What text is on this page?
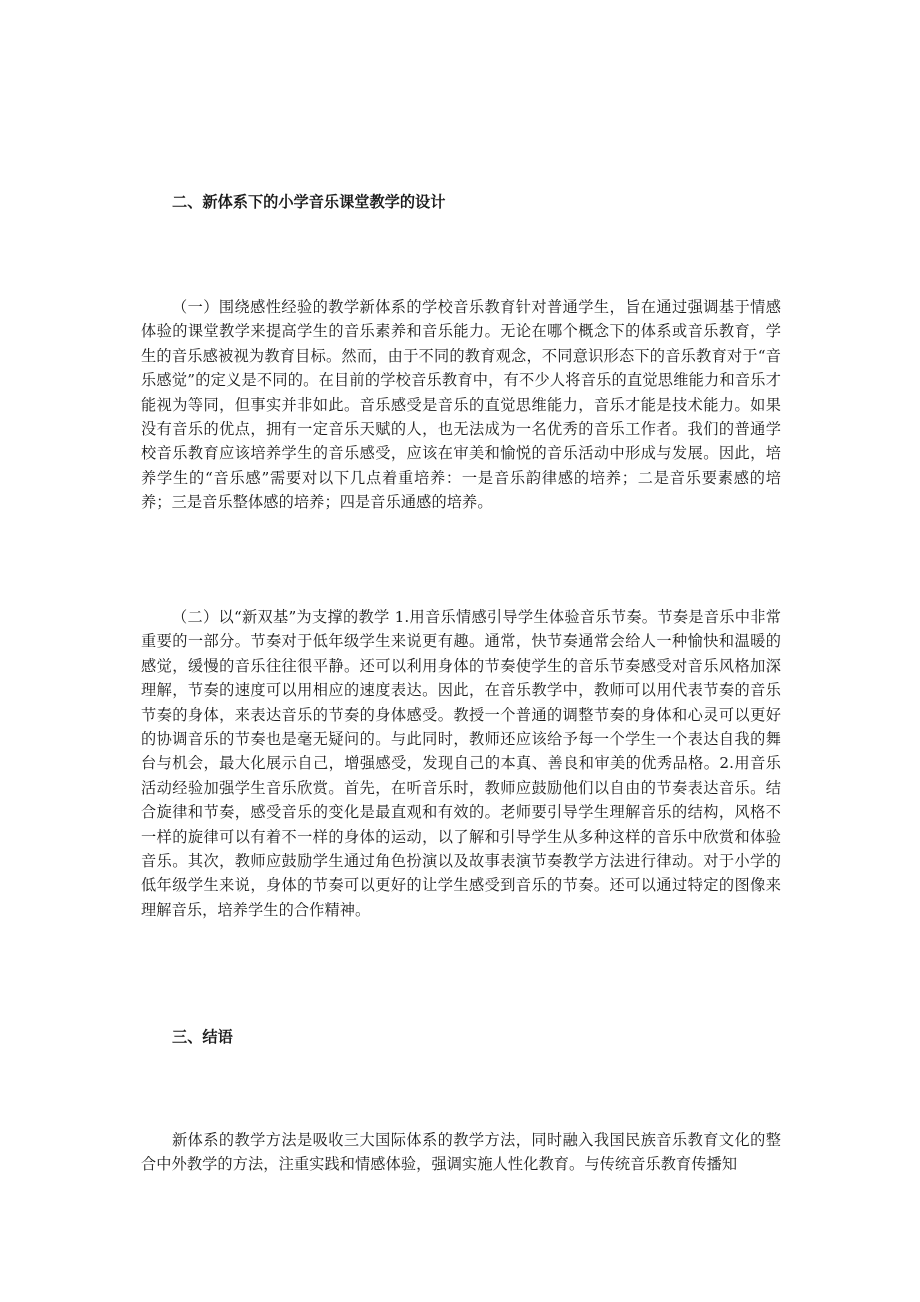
二、新体系下的小学音乐课堂教学的设计

（一）围绕感性经验的教学新体系的学校音乐教育针对普通学生，旨在通过强调基于情感体验的课堂教学来提高学生的音乐素养和音乐能力。无论在哪个概念下的体系或音乐教育，学生的音乐感被视为教育目标。然而，由于不同的教育观念，不同意识形态下的音乐教育对于“音乐感觉”的定义是不同的。在目前的学校音乐教育中，有不少人将音乐的直觉思维能力和音乐才能视为等同，但事实并非如此。音乐感受是音乐的直觉思维能力，音乐才能是技术能力。如果没有音乐的优点，拥有一定音乐天赋的人，也无法成为一名优秀的音乐工作者。我们的普通学校音乐教育应该培养学生的音乐感受，应该在审美和愉悦的音乐活动中形成与发展。因此，培养学生的“音乐感”需要对以下几点着重培养：一是音乐韵律感的培养；二是音乐要素感的培养；三是音乐整体感的培养；四是音乐通感的培养。

（二）以“新双基”为支撑的教学 1.用音乐情感引导学生体验音乐节奏。节奏是音乐中非常重要的一部分。节奏对于低年级学生来说更有趣。通常，快节奏通常会给人一种愉快和温暖的感觉，缓慢的音乐往往很平静。还可以利用身体的节奏使学生的音乐节奏感受对音乐风格加深理解，节奏的速度可以用相应的速度表达。因此，在音乐教学中，教师可以用代表节奏的音乐节奏的身体，来表达音乐的节奏的身体感受。教授一个普通的调整节奏的身体和心灵可以更好的协调音乐的节奏也是毫无疑问的。与此同时，教师还应该给予每一个学生一个表达自我的舞台与机会，最大化展示自己，增强感受，发现自己的本真、善良和审美的优秀品格。2.用音乐活动经验加强学生音乐欣赏。首先，在听音乐时，教师应鼓励他们以自由的节奏表达音乐。结合旋律和节奏，感受音乐的变化是最直观和有效的。老师要引导学生理解音乐的结构，风格不一样的旋律可以有着不一样的身体的运动，以了解和引导学生从多种这样的音乐中欣赏和体验音乐。其次，教师应鼓励学生通过角色扮演以及故事表演节奏教学方法进行律动。对于小学的低年级学生来说，身体的节奏可以更好的让学生感受到音乐的节奏。还可以通过特定的图像来理解音乐，培养学生的合作精神。

三、结语

新体系的教学方法是吸收三大国际体系的教学方法，同时融入我国民族音乐教育文化的整合中外教学的方法，注重实践和情感体验，强调实施人性化教育。与传统音乐教育传播知
